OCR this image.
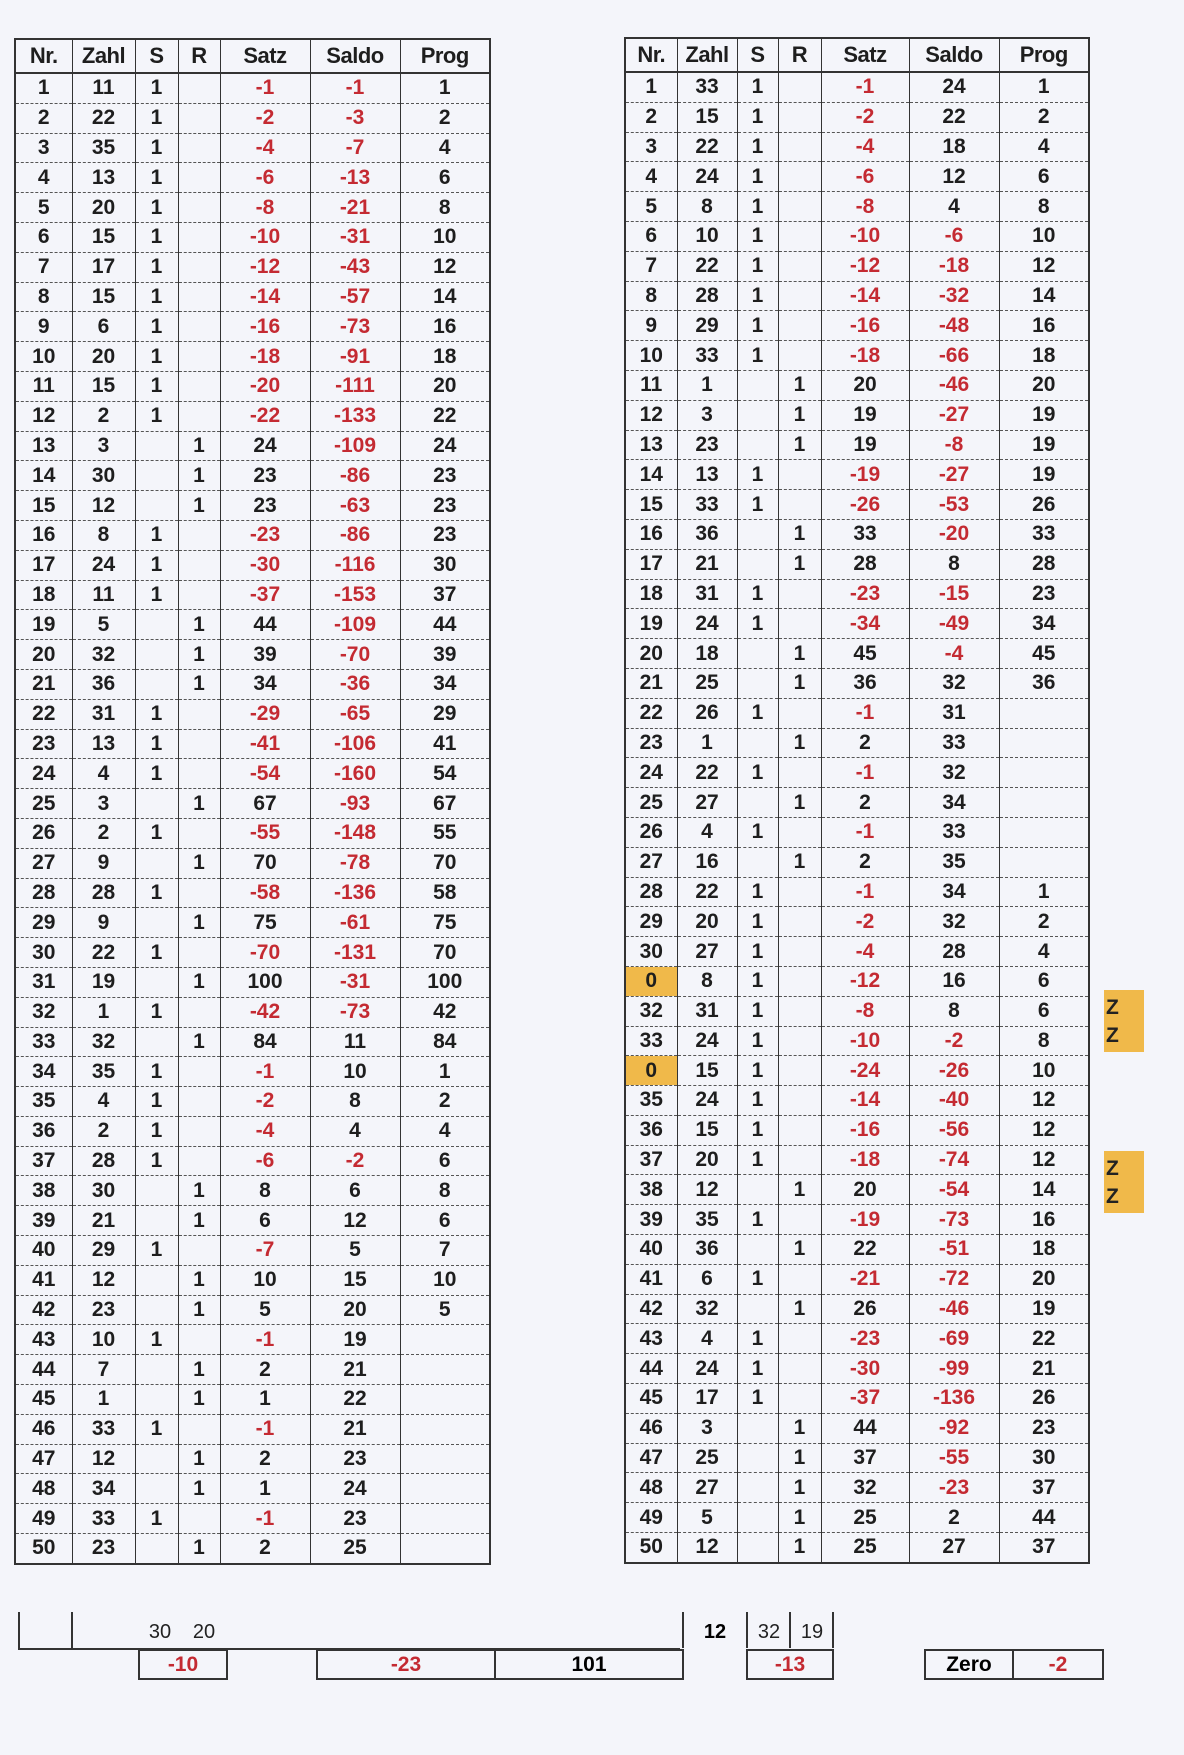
Nr.	Zahl	S	R	Satz	Saldo	Prog
1	11	1		-1	-1	1
2	22	1		-2	-3	2
3	35	1		-4	-7	4
4	13	1		-6	-13	6
5	20	1		-8	-21	8
6	15	1		-10	-31	10
7	17	1		-12	-43	12
8	15	1		-14	-57	14
9	6	1		-16	-73	16
10	20	1		-18	-91	18
11	15	1		-20	-111	20
12	2	1		-22	-133	22
13	3		1	24	-109	24
14	30		1	23	-86	23
15	12		1	23	-63	23
16	8	1		-23	-86	23
17	24	1		-30	-116	30
18	11	1		-37	-153	37
19	5		1	44	-109	44
20	32		1	39	-70	39
21	36		1	34	-36	34
22	31	1		-29	-65	29
23	13	1		-41	-106	41
24	4	1		-54	-160	54
25	3		1	67	-93	67
26	2	1		-55	-148	55
27	9		1	70	-78	70
28	28	1		-58	-136	58
29	9		1	75	-61	75
30	22	1		-70	-131	70
31	19		1	100	-31	100
32	1	1		-42	-73	42
33	32		1	84	11	84
34	35	1		-1	10	1
35	4	1		-2	8	2
36	2	1		-4	4	4
37	28	1		-6	-2	6
38	30		1	8	6	8
39	21		1	6	12	6
40	29	1		-7	5	7
41	12		1	10	15	10
42	23		1	5	20	5
43	10	1		-1	19	
44	7		1	2	21	
45	1		1	1	22	
46	33	1		-1	21	
47	12		1	2	23	
48	34		1	1	24	
49	33	1		-1	23	
50	23		1	2	25	
Nr.	Zahl	S	R	Satz	Saldo	Prog
1	33	1		-1	24	1
2	15	1		-2	22	2
3	22	1		-4	18	4
4	24	1		-6	12	6
5	8	1		-8	4	8
6	10	1		-10	-6	10
7	22	1		-12	-18	12
8	28	1		-14	-32	14
9	29	1		-16	-48	16
10	33	1		-18	-66	18
11	1		1	20	-46	20
12	3		1	19	-27	19
13	23		1	19	-8	19
14	13	1		-19	-27	19
15	33	1		-26	-53	26
16	36		1	33	-20	33
17	21		1	28	8	28
18	31	1		-23	-15	23
19	24	1		-34	-49	34
20	18		1	45	-4	45
21	25		1	36	32	36
22	26	1		-1	31	
23	1		1	2	33	
24	22	1		-1	32	
25	27		1	2	34	
26	4	1		-1	33	
27	16		1	2	35	
28	22	1		-1	34	1
29	20	1		-2	32	2
30	27	1		-4	28	4
0	8	1		-12	16	6
32	31	1		-8	8	6
33	24	1		-10	-2	8
0	15	1		-24	-26	10
35	24	1		-14	-40	12
36	15	1		-16	-56	12
37	20	1		-18	-74	12
38	12		1	20	-54	14
39	35	1		-19	-73	16
40	36		1	22	-51	18
41	6	1		-21	-72	20
42	32		1	26	-46	19
43	4	1		-23	-69	22
44	24	1		-30	-99	21
45	17	1		-37	-136	26
46	3		1	44	-92	23
47	25		1	37	-55	30
48	27		1	32	-23	37
49	5		1	25	2	44
50	12		1	25	27	37
Z
Z
Z
Z
30	20
-10	-23	101
12	32	19
-13	Zero	-2
